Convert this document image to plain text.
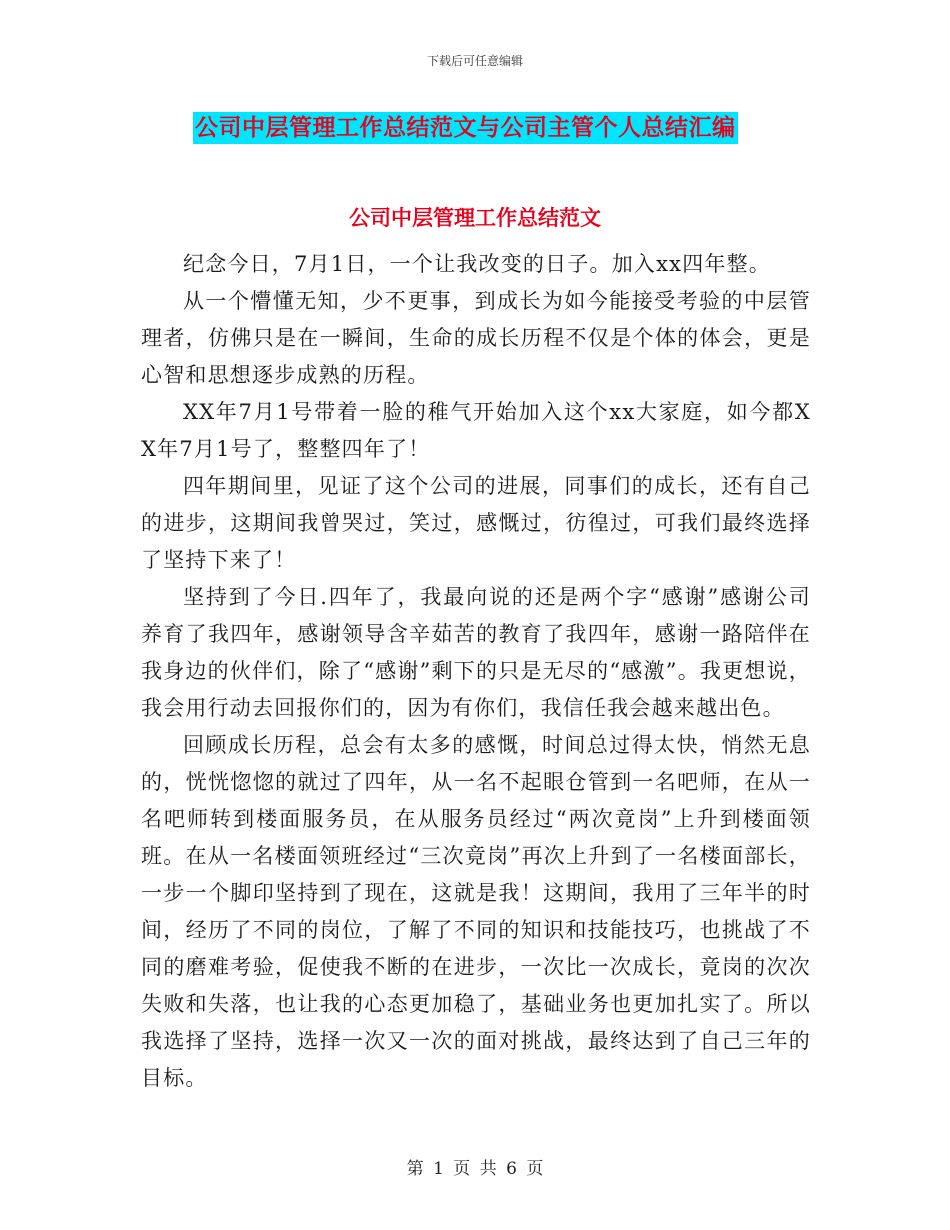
下载后可任意编辑
公司中层管理工作总结范文与公司主管个人总结汇编
公司中层管理工作总结范文

纪念今日，7月1日，一个让我改变的日子。加入xx四年整。

从一个懵懂无知，少不更事，到成长为如今能接受考验的中层管理者，仿佛只是在一瞬间，生命的成长历程不仅是个体的体会，更是心智和思想逐步成熟的历程。

XX年7月1号带着一脸的稚气开始加入这个xx大家庭，如今都XX年7月1号了，整整四年了！

四年期间里，见证了这个公司的进展，同事们的成长，还有自己的进步，这期间我曾哭过，笑过，感慨过，彷徨过，可我们最终选择了坚持下来了！

坚持到了今日.四年了，我最向说的还是两个字“感谢”感谢公司养育了我四年，感谢领导含辛茹苦的教育了我四年，感谢一路陪伴在我身边的伙伴们，除了“感谢”剩下的只是无尽的“感激”。我更想说，我会用行动去回报你们的，因为有你们，我信任我会越来越出色。

回顾成长历程，总会有太多的感慨，时间总过得太快，悄然无息的，恍恍惚惚的就过了四年，从一名不起眼仓管到一名吧师，在从一名吧师转到楼面服务员，在从服务员经过“两次竟岗”上升到楼面领班。在从一名楼面领班经过“三次竟岗”再次上升到了一名楼面部长，一步一个脚印坚持到了现在，这就是我！这期间，我用了三年半的时间，经历了不同的岗位，了解了不同的知识和技能技巧，也挑战了不同的磨难考验，促使我不断的在进步，一次比一次成长，竟岗的次次失败和失落，也让我的心态更加稳了，基础业务也更加扎实了。所以我选择了坚持，选择一次又一次的面对挑战，最终达到了自己三年的目标。

第 1 页 共 6 页
